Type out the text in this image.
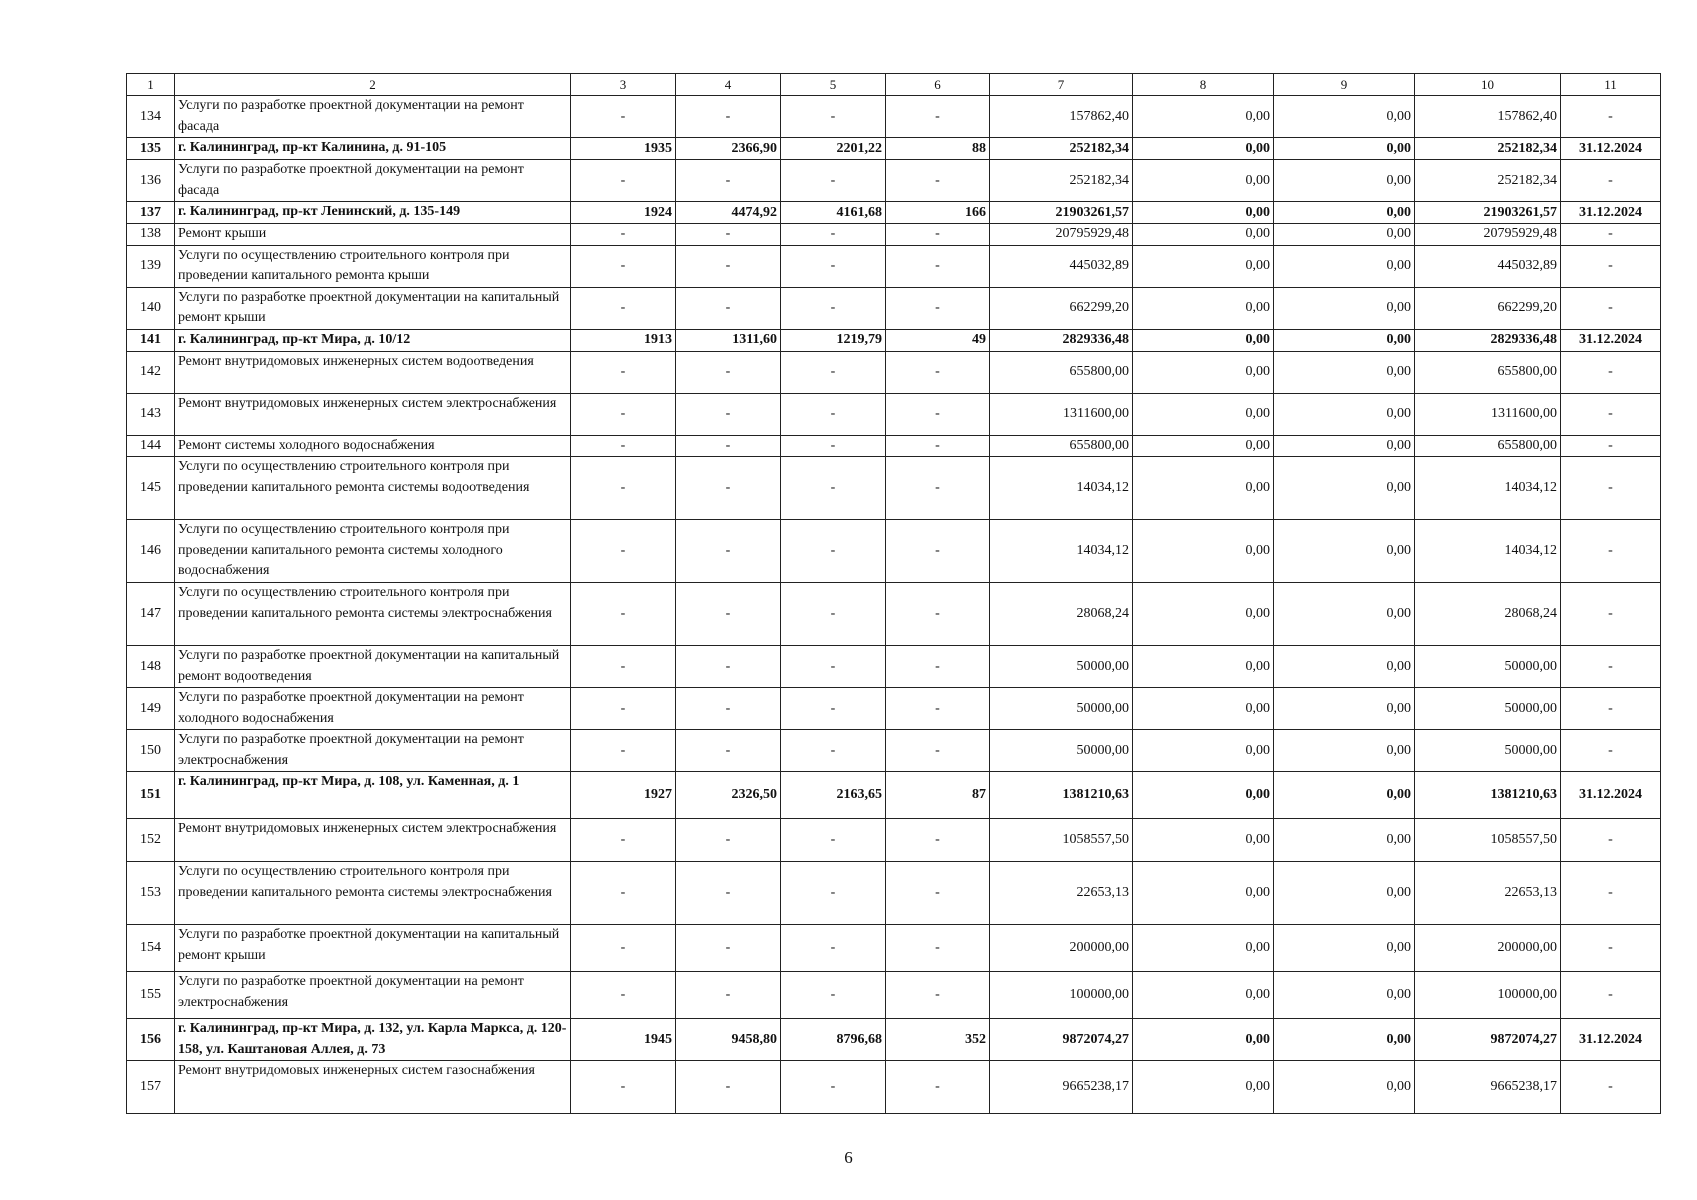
1	2	3	4	5	6	7	8	9	10	11
134	Услуги по разработке проектной документации на ремонт фасада	-	-	-	-	157862,40	0,00	0,00	157862,40	-
135	г. Калининград, пр-кт Калинина, д. 91-105	1935	2366,90	2201,22	88	252182,34	0,00	0,00	252182,34	31.12.2024
136	Услуги по разработке проектной документации на ремонт фасада	-	-	-	-	252182,34	0,00	0,00	252182,34	-
137	г. Калининград, пр-кт Ленинский, д. 135-149	1924	4474,92	4161,68	166	21903261,57	0,00	0,00	21903261,57	31.12.2024
138	Ремонт крыши	-	-	-	-	20795929,48	0,00	0,00	20795929,48	-
139	Услуги по осуществлению строительного контроля при проведении капитального ремонта крыши	-	-	-	-	445032,89	0,00	0,00	445032,89	-
140	Услуги по разработке проектной документации на капитальный ремонт крыши	-	-	-	-	662299,20	0,00	0,00	662299,20	-
141	г. Калининград, пр-кт Мира, д. 10/12	1913	1311,60	1219,79	49	2829336,48	0,00	0,00	2829336,48	31.12.2024
142	Ремонт внутридомовых инженерных систем водоотведения	-	-	-	-	655800,00	0,00	0,00	655800,00	-
143	Ремонт внутридомовых инженерных систем электроснабжения	-	-	-	-	1311600,00	0,00	0,00	1311600,00	-
144	Ремонт системы холодного водоснабжения	-	-	-	-	655800,00	0,00	0,00	655800,00	-
145	Услуги по осуществлению строительного контроля при проведении капитального ремонта системы водоотведения	-	-	-	-	14034,12	0,00	0,00	14034,12	-
146	Услуги по осуществлению строительного контроля при проведении капитального ремонта системы холодного водоснабжения	-	-	-	-	14034,12	0,00	0,00	14034,12	-
147	Услуги по осуществлению строительного контроля при проведении капитального ремонта системы электроснабжения	-	-	-	-	28068,24	0,00	0,00	28068,24	-
148	Услуги по разработке проектной документации на капитальный ремонт водоотведения	-	-	-	-	50000,00	0,00	0,00	50000,00	-
149	Услуги по разработке проектной документации на ремонт холодного водоснабжения	-	-	-	-	50000,00	0,00	0,00	50000,00	-
150	Услуги по разработке проектной документации на ремонт электроснабжения	-	-	-	-	50000,00	0,00	0,00	50000,00	-
151	г. Калининград, пр-кт Мира, д. 108, ул. Каменная, д. 1	1927	2326,50	2163,65	87	1381210,63	0,00	0,00	1381210,63	31.12.2024
152	Ремонт внутридомовых инженерных систем электроснабжения	-	-	-	-	1058557,50	0,00	0,00	1058557,50	-
153	Услуги по осуществлению строительного контроля при проведении капитального ремонта системы электроснабжения	-	-	-	-	22653,13	0,00	0,00	22653,13	-
154	Услуги по разработке проектной документации на капитальный ремонт крыши	-	-	-	-	200000,00	0,00	0,00	200000,00	-
155	Услуги по разработке проектной документации на ремонт электроснабжения	-	-	-	-	100000,00	0,00	0,00	100000,00	-
156	г. Калининград, пр-кт Мира, д. 132, ул. Карла Маркса, д. 120-158, ул. Каштановая Аллея, д. 73	1945	9458,80	8796,68	352	9872074,27	0,00	0,00	9872074,27	31.12.2024
157	Ремонт внутридомовых инженерных систем газоснабжения	-	-	-	-	9665238,17	0,00	0,00	9665238,17	-
6
